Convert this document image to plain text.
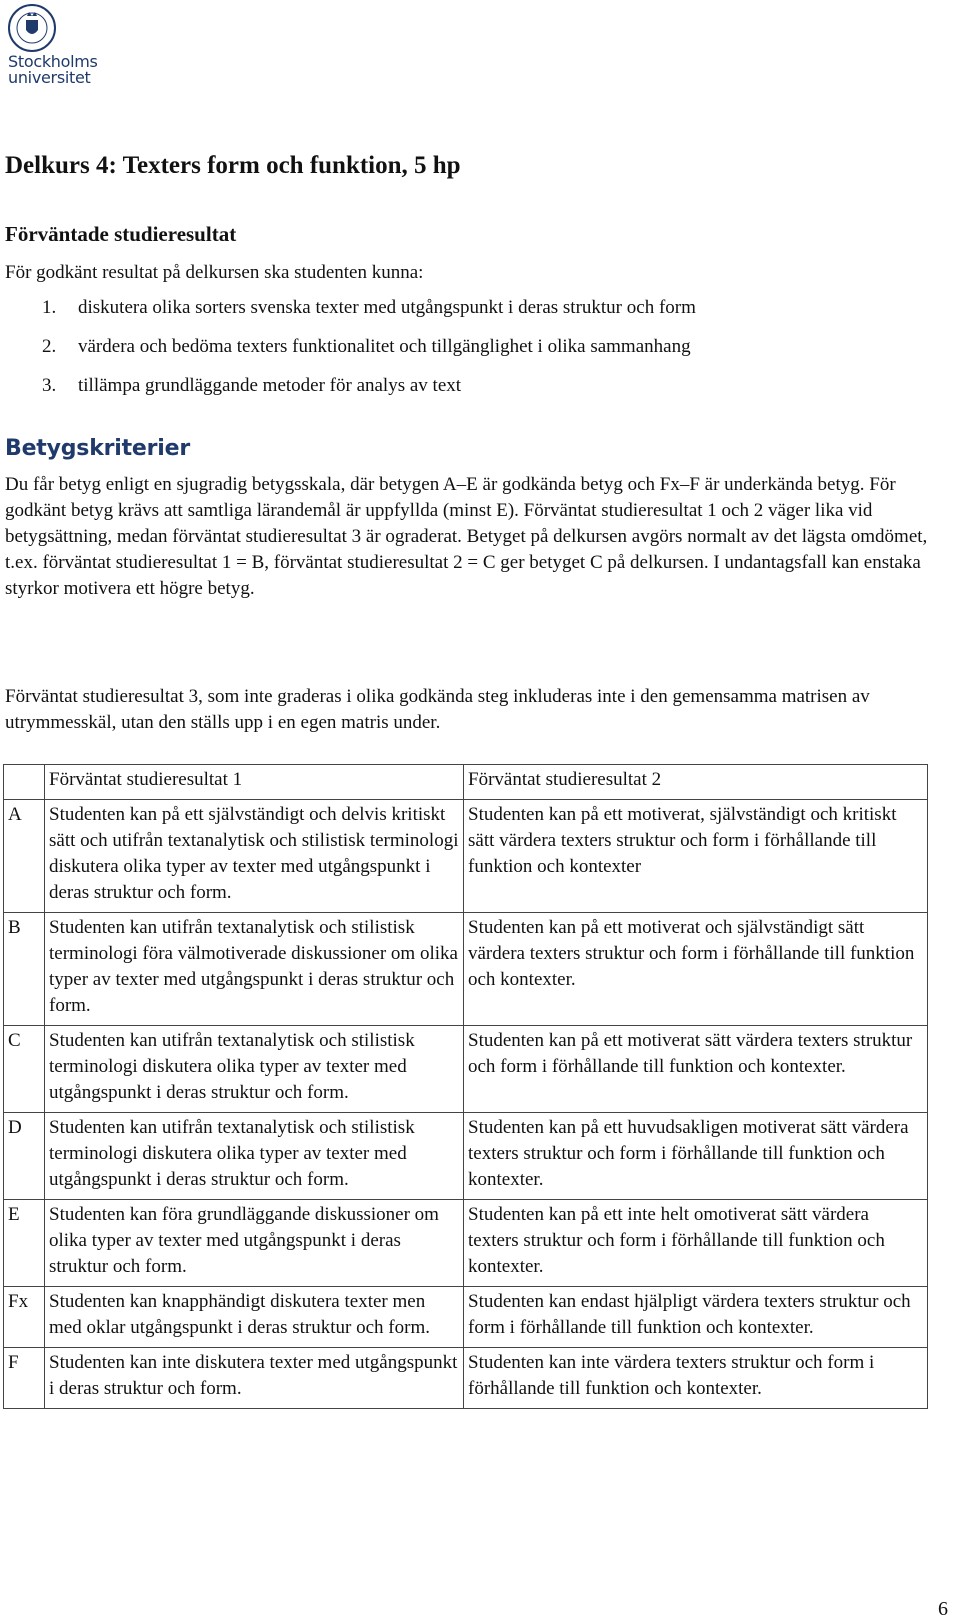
Stockholms
universitet
Delkurs 4: Texters form och funktion, 5 hp
Förväntade studieresultat

För godkänt resultat på delkursen ska studenten kunna:

1.	diskutera olika sorters svenska texter med utgångspunkt i deras struktur och form
2.	värdera och bedöma texters funktionalitet och tillgänglighet i olika sammanhang
3.	tillämpa grundläggande metoder för analys av text
Betygskriterier

Du får betyg enligt en sjugradig betygsskala, där betygen A–E är godkända betyg och Fx–F är underkända betyg. För godkänt betyg krävs att samtliga lärandemål är uppfyllda (minst E). Förväntat studieresultat 1 och 2 väger lika vid betygsättning, medan förväntat studieresultat 3 är ograderat. Betyget på delkursen avgörs normalt av det lägsta omdömet, t.ex. förväntat studieresultat 1 = B, förväntat studieresultat 2 = C ger betyget C på delkursen. I undantagsfall kan enstaka styrkor motivera ett högre betyg.

Förväntat studieresultat 3, som inte graderas i olika godkända steg inkluderas inte i den gemensamma matrisen av utrymmesskäl, utan den ställs upp i en egen matris under.

	Förväntat studieresultat 1	Förväntat studieresultat 2
A	Studenten kan på ett självständigt och delvis kritiskt sätt och utifrån textanalytisk och stilistisk terminologi diskutera olika typer av texter med utgångspunkt i deras struktur och form.	Studenten kan på ett motiverat, självständigt och kritiskt sätt värdera texters struktur och form i förhållande till funktion och kontexter
B	Studenten kan utifrån textanalytisk och stilistisk terminologi föra välmotiverade diskussioner om olika typer av texter med utgångspunkt i deras struktur och form.	Studenten kan på ett motiverat och självständigt sätt värdera texters struktur och form i förhållande till funktion och kontexter.
C	Studenten kan utifrån textanalytisk och stilistisk terminologi diskutera olika typer av texter med utgångspunkt i deras struktur och form.	Studenten kan på ett motiverat sätt värdera texters struktur och form i förhållande till funktion och kontexter.
D	Studenten kan utifrån textanalytisk och stilistisk terminologi diskutera olika typer av texter med utgångspunkt i deras struktur och form.	Studenten kan på ett huvudsakligen motiverat sätt värdera texters struktur och form i förhållande till funktion och kontexter.
E	Studenten kan föra grundläggande diskussioner om olika typer av texter med utgångspunkt i deras struktur och form.	Studenten kan på ett inte helt omotiverat sätt värdera texters struktur och form i förhållande till funktion och kontexter.
Fx	Studenten kan knapphändigt diskutera texter men med oklar utgångspunkt i deras struktur och form.	Studenten kan endast hjälpligt värdera texters struktur och form i förhållande till funktion och kontexter.
F	Studenten kan inte diskutera texter med utgångspunkt i deras struktur och form.	Studenten kan inte värdera texters struktur och form i förhållande till funktion och kontexter.
6
